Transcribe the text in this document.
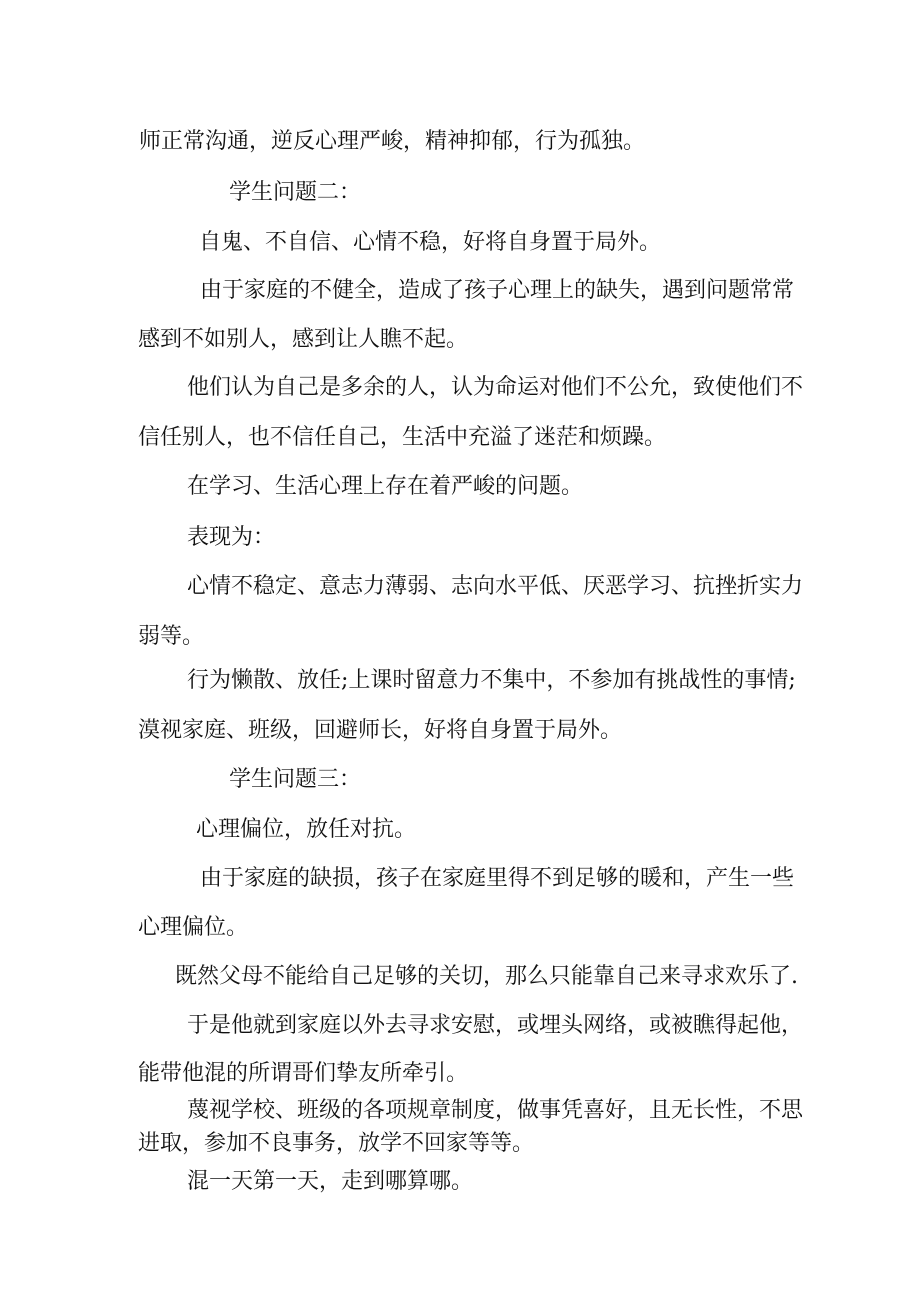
师正常沟通，逆反心理严峻，精神抑郁，行为孤独。
学生问题二：
自鬼、不自信、心情不稳，好将自身置于局外。
由于家庭的不健全，造成了孩子心理上的缺失，遇到问题常常
感到不如别人，感到让人瞧不起。
他们认为自己是多余的人，认为命运对他们不公允，致使他们不
信任别人，也不信任自己，生活中充溢了迷茫和烦躁。
在学习、生活心理上存在着严峻的问题。
表现为：
心情不稳定、意志力薄弱、志向水平低、厌恶学习、抗挫折实力
弱等。
行为懒散、放任;上课时留意力不集中，不参加有挑战性的事情;
漠视家庭、班级，回避师长，好将自身置于局外。
学生问题三：
心理偏位，放任对抗。
由于家庭的缺损，孩子在家庭里得不到足够的暖和，产生一些
心理偏位。
既然父母不能给自己足够的关切，那么只能靠自己来寻求欢乐了.
于是他就到家庭以外去寻求安慰，或埋头网络，或被瞧得起他，
能带他混的所谓哥们挚友所牵引。
蔑视学校、班级的各项规章制度，做事凭喜好，且无长性，不思
进取，参加不良事务，放学不回家等等。
混一天第一天，走到哪算哪。
